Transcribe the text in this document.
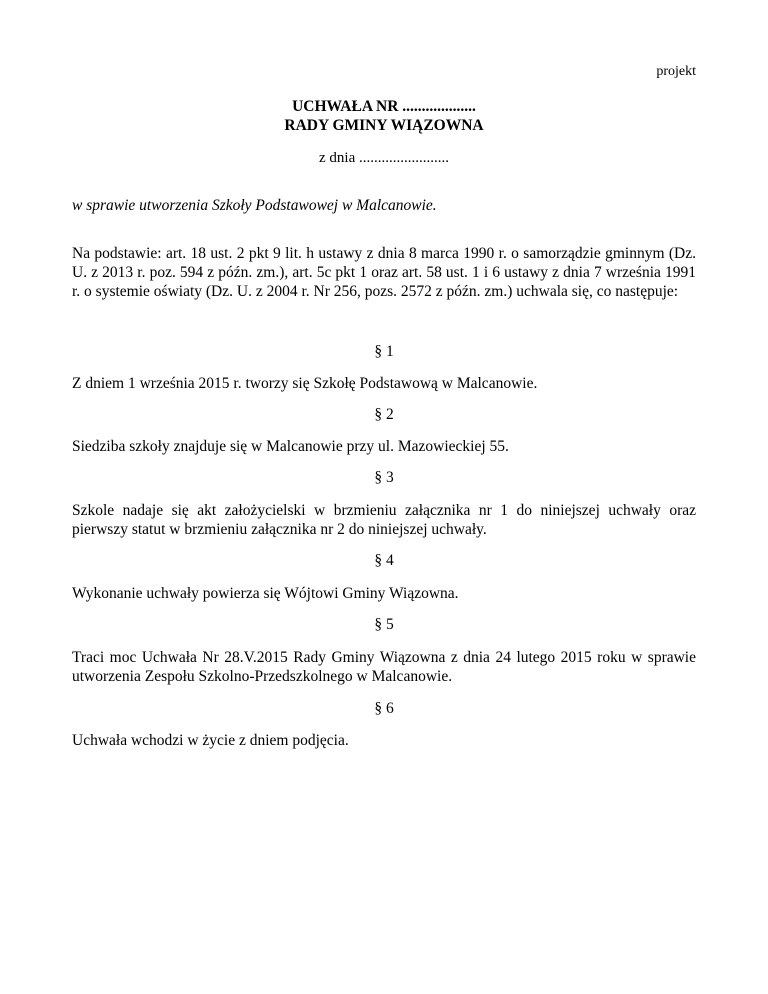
projekt
UCHWAŁA NR ...................
RADY GMINY WIĄZOWNA
z dnia ........................
w sprawie utworzenia Szkoły Podstawowej w Malcanowie.
Na podstawie: art. 18 ust. 2 pkt 9 lit. h ustawy z dnia 8 marca 1990 r. o samorządzie gminnym (Dz. U. z 2013 r. poz. 594 z późn. zm.), art. 5c pkt 1 oraz art. 58 ust. 1 i 6 ustawy z dnia 7 września 1991 r. o systemie oświaty (Dz. U. z 2004 r. Nr 256, pozs. 2572 z późn. zm.) uchwala się, co następuje:
§ 1
Z dniem 1 września 2015 r. tworzy się Szkołę Podstawową w Malcanowie.
§ 2
Siedziba szkoły znajduje się w Malcanowie przy ul. Mazowieckiej 55.
§ 3
Szkole nadaje się akt założycielski w brzmieniu załącznika nr 1 do niniejszej uchwały oraz pierwszy statut w brzmieniu załącznika nr 2 do niniejszej uchwały.
§ 4
Wykonanie uchwały powierza się Wójtowi Gminy Wiązowna.
§ 5
Traci moc Uchwała Nr 28.V.2015 Rady Gminy Wiązowna z dnia 24 lutego 2015 roku w sprawie utworzenia Zespołu Szkolno-Przedszkolnego w Malcanowie.
§ 6
Uchwała wchodzi w życie z dniem podjęcia.
